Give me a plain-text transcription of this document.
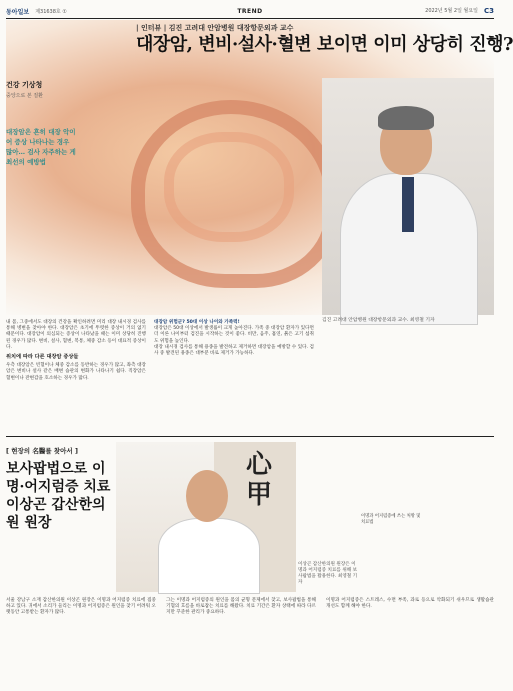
동아일보 제31638호 ①	TREND	2022년 5월 2일 월요일 C3
| 인터뷰 | 김진 고려대 안암병원 대장항문외과 교수
대장암, 변비·설사·혈변 보이면 이미 상당히 진행?
건강 기상청
중앙으로 본 질환
대장암은 흔히 대장 악이어 증상 나타나는 경우 많아… 검사 자주하는 게 최선의 예방법
김진 고려대 안암병원 대장항문외과 교수. 최영철 기자
내 몸, 그중에서도 대장의 건강을 확인하려면 미리 대장 내시경 검사를 통해 병변을 찾아야 한다. 대장암은 초기에 뚜렷한 증상이 거의 없기 때문이다. 대장암이 의심되는 증상이 나타났을 때는 이미 상당히 진행된 경우가 많다. 변비, 설사, 혈변, 복통, 체중 감소 등이 대표적 증상이다.
위치에 따라 다른 대장암 증상들
우측 대장암은 빈혈이나 체중 감소를 동반하는 경우가 많고, 좌측 대장암은 변비나 설사 같은 배변 습관의 변화가 나타나기 쉽다. 직장암은 혈변이나 잔변감을 호소하는 경우가 많다.
대장암 위험군? 50대 이상 나이와 가족력!
대장암은 50대 이상에서 발생률이 크게 높아진다. 가족 중 대장암 환자가 있다면 더 이른 나이부터 검진을 시작하는 것이 좋다. 비만, 음주, 흡연, 붉은 고기 섭취도 위험을 높인다.
대장 내시경 검사를 통해 용종을 발견하고 제거하면 대장암을 예방할 수 있다. 검사 중 발견된 용종은 대부분 바로 제거가 가능하다.
[ 현장의 名醫를 찾아서 ]
보사팝법으로 이명·어지럼증 치료 이상곤 갑산한의원 원장
心甲
이명과 어지럼증에 쓰는 처방 및 치료법
이상곤 갑산한의원 원장은 이명과 어지럼증 치료를 위해 보사팝법을 활용한다. 최영철 기자
서울 강남구 소재 갑산한의원 이상곤 원장은 이명과 어지럼증 치료에 집중하고 있다. 귀에서 소리가 들리는 이명과 어지럼증은 원인을 찾기 어려워 오랫동안 고통받는 환자가 많다.
그는 이명과 어지럼증의 원인을 몸의 균형 문제에서 찾고, 보사팝법을 통해 기혈의 흐름을 바로잡는 치료를 해왔다. 치료 기간은 환자 상태에 따라 다르지만 꾸준한 관리가 중요하다.
이명과 어지럼증은 스트레스, 수면 부족, 과로 등으로 악화되기 쉬우므로 생활습관 개선도 함께 해야 한다.
